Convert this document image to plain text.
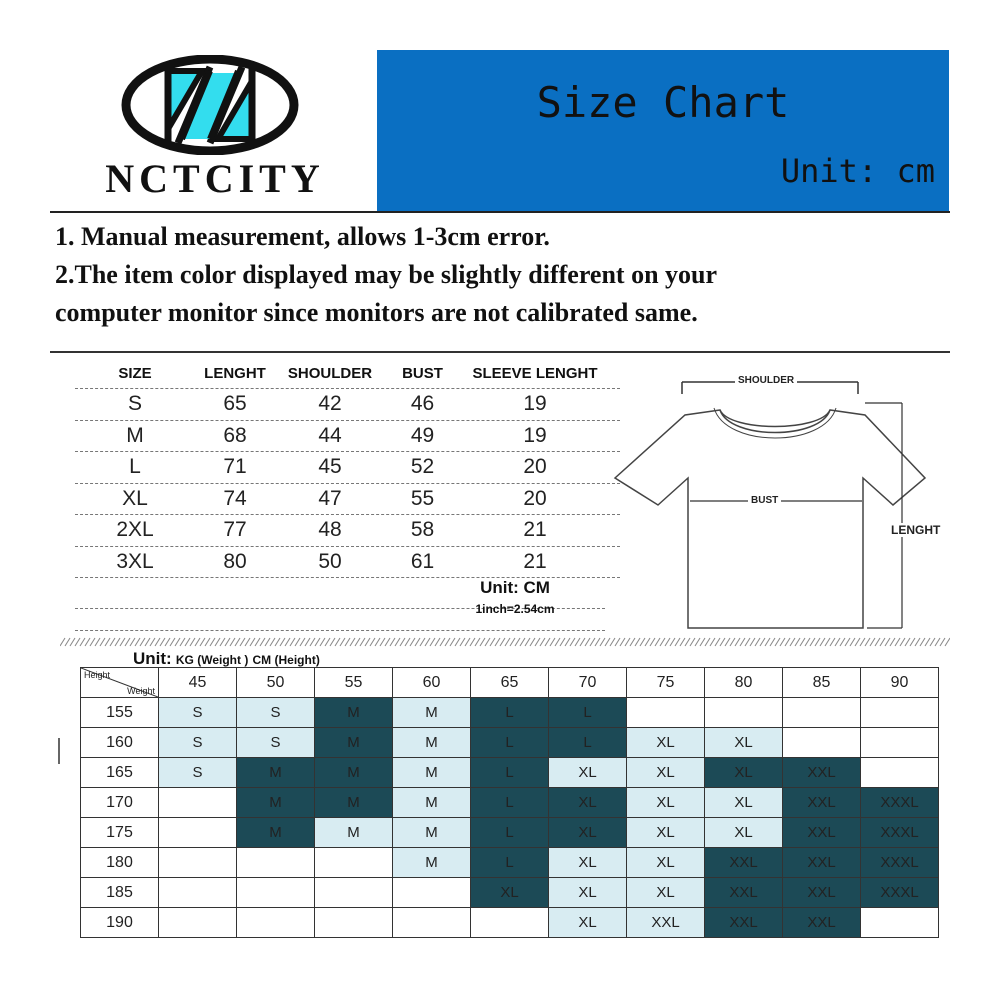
NCTCITY
Size Chart
Unit: cm
1. Manual measurement, allows 1-3cm error.
2.The item color displayed may be slightly different on your
computer monitor since monitors are not calibrated same.
SIZE	LENGHT	SHOULDER	BUST	SLEEVE LENGHT
S	65	42	46	19
M	68	44	49	19
L	71	45	52	20
XL	74	47	55	20
2XL	77	48	58	21
3XL	80	50	61	21
Unit: CM
1inch=2.54cm
SHOULDER
BUST
LENGHT
Unit: KG (Weight ) CM (Height)
Height
Weight	45	50	55	60	65	70	75	80	85	90
155	S	S	M	M	L	L				
160	S	S	M	M	L	L	XL	XL		
165	S	M	M	M	L	XL	XL	XL	XXL	
170		M	M	M	L	XL	XL	XL	XXL	XXXL
175		M	M	M	L	XL	XL	XL	XXL	XXXL
180				M	L	XL	XL	XXL	XXL	XXXL
185					XL	XL	XL	XXL	XXL	XXXL
190						XL	XXL	XXL	XXL	
